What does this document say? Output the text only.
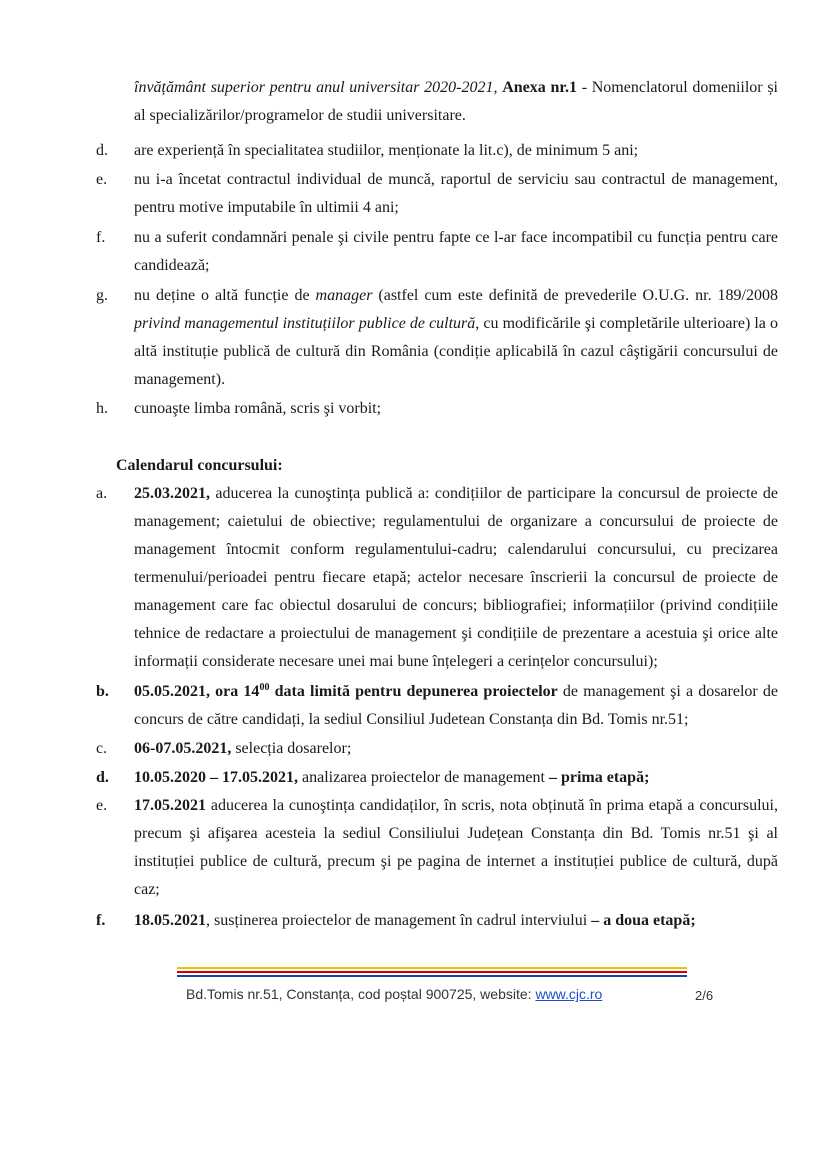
învățământ superior pentru anul universitar 2020-2021, Anexa nr.1 - Nomenclatorul domeniilor și al specializărilor/programelor de studii universitare.
d.	are experiență în specialitatea studiilor, menționate la lit.c), de minimum 5 ani;
e.	nu i-a încetat contractul individual de muncă, raportul de serviciu sau contractul de management, pentru motive imputabile în ultimii 4 ani;
f.	nu a suferit condamnări penale şi civile pentru fapte ce l-ar face incompatibil cu funcția pentru care candidează;
g.	nu deține o altă funcție de manager (astfel cum este definită de prevederile O.U.G. nr. 189/2008 privind managementul instituțiilor publice de cultură, cu modificările şi completările ulterioare) la o altă instituție publică de cultură din România (condiție aplicabilă în cazul câştigării concursului de management).
h.	cunoaşte limba română, scris şi vorbit;
Calendarul concursului:
a.	25.03.2021, aducerea la cunoştința publică a: condițiilor de participare la concursul de proiecte de management; caietului de obiective; regulamentului de organizare a concursului de proiecte de management întocmit conform regulamentului-cadru; calendarului concursului, cu precizarea termenului/perioadei pentru fiecare etapă; actelor necesare înscrierii la concursul de proiecte de management care fac obiectul dosarului de concurs; bibliografiei; informațiilor (privind condițiile tehnice de redactare a proiectului de management şi condițiile de prezentare a acestuia şi orice alte informații considerate necesare unei mai bune înțelegeri a cerințelor concursului);
b.	05.05.2021, ora $14^{00}$ data limită pentru depunerea proiectelor de management şi a dosarelor de concurs de către candidați, la sediul Consiliul Judetean Constanța din Bd. Tomis nr.51;
c.	06-07.05.2021, selecția dosarelor;
d.	10.05.2020 – 17.05.2021, analizarea proiectelor de management – prima etapă;
e.	17.05.2021 aducerea la cunoştința candidaților, în scris, nota obținută în prima etapă a concursului, precum şi afişarea acesteia la sediul Consiliului Județean Constanța din Bd. Tomis nr.51 şi al instituției publice de cultură, precum şi pe pagina de internet a instituției publice de cultură, după caz;
f.	18.05.2021, susținerea proiectelor de management în cadrul interviului – a doua etapă;
Bd.Tomis nr.51, Constanța, cod poștal 900725, website: www.cjc.ro	2/6
